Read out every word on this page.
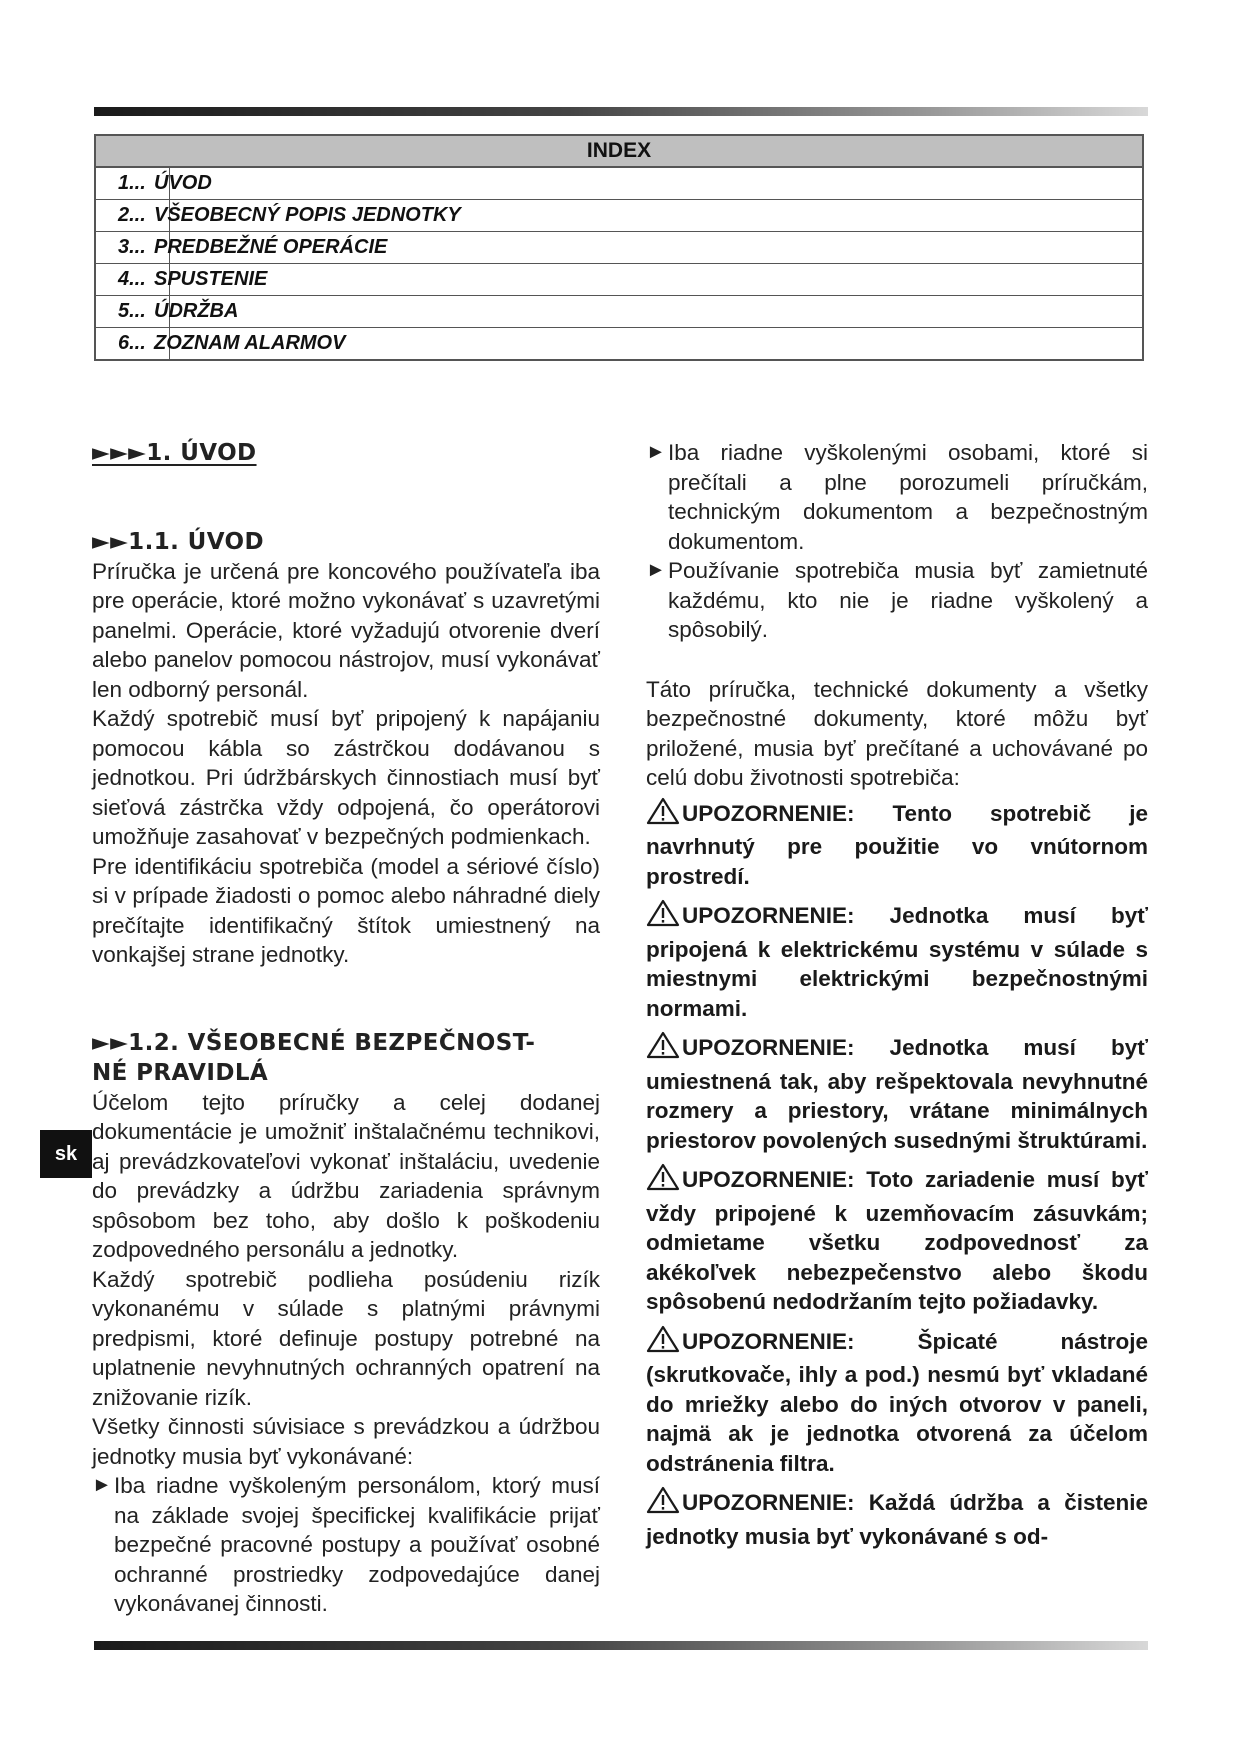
INDEX
1... ÚVOD
2... VŠEOBECNÝ POPIS JEDNOTKY
3... PREDBEŽNÉ OPERÁCIE
4... SPUSTENIE
5... ÚDRŽBA
6... ZOZNAM ALARMOV
►►►1. ÚVOD
►►1.1. ÚVOD

Príručka je určená pre koncového používateľa iba pre operácie, ktoré možno vykonávať s uzavretými panelmi. Operácie, ktoré vyžadujú otvorenie dverí alebo panelov pomocou nástrojov, musí vykonávať len odborný personál.

Každý spotrebič musí byť pripojený k napájaniu pomocou kábla so zástrčkou dodávanou s jednotkou. Pri údržbárskych činnostiach musí byť sieťová zástrčka vždy odpojená, čo operátorovi umožňuje zasahovať v bezpečných podmienkach.

Pre identifikáciu spotrebiča (model a sériové číslo) si v prípade žiadosti o pomoc alebo náhradné diely prečítajte identifikačný štítok umiestnený na vonkajšej strane jednotky.

►►1.2. VŠEOBECNÉ BEZPEČNOST-
NÉ PRAVIDLÁ

Účelom tejto príručky a celej dodanej dokumentácie je umožniť inštalačnému technikovi, aj prevádzkovateľovi vykonať inštaláciu, uvedenie do prevádzky a údržbu zariadenia správnym spôsobom bez toho, aby došlo k poškodeniu zodpovedného personálu a jednotky.

Každý spotrebič podlieha posúdeniu rizík vykonanému v súlade s platnými právnymi predpismi, ktoré definuje postupy potrebné na uplatnenie nevyhnutných ochranných opatrení na znižovanie rizík.

Všetky činnosti súvisiace s prevádzkou a údržbou jednotky musia byť vykonávané:

► Iba riadne vyškoleným personálom, ktorý musí na základe svojej špecifickej kvalifikácie prijať bezpečné pracovné postupy a používať osobné ochranné prostriedky zodpovedajúce danej vykonávanej činnosti.
► Iba riadne vyškolenými osobami, ktoré si prečítali a plne porozumeli príručkám, technickým dokumentom a bezpečnostným dokumentom.
► Používanie spotrebiča musia byť zamietnuté každému, kto nie je riadne vyškolený a spôsobilý.

Táto príručka, technické dokumenty a všetky bezpečnostné dokumenty, ktoré môžu byť priložené, musia byť prečítané a uchovávané po celú dobu životnosti spotrebiča:

UPOZORNENIE: Tento spotrebič je navrhnutý pre použitie vo vnútornom prostredí.

UPOZORNENIE: Jednotka musí byť pripojená k elektrickému systému v súlade s miestnymi elektrickými bezpečnostnými normami.

UPOZORNENIE: Jednotka musí byť umiestnená tak, aby rešpektovala nevyhnutné rozmery a priestory, vrátane minimálnych priestorov povolených susednými štruktúrami.

UPOZORNENIE: Toto zariadenie musí byť vždy pripojené k uzemňovacím zásuvkám; odmietame všetku zodpovednosť za akékoľvek nebezpečenstvo alebo škodu spôsobenú nedodržaním tejto požiadavky.

UPOZORNENIE: Špicaté nástroje (skrutkovače, ihly a pod.) nesmú byť vkladané do mriežky alebo do iných otvorov v paneli, najmä ak je jednotka otvorená za účelom odstránenia filtra.

UPOZORNENIE: Každá údržba a čistenie jednotky musia byť vykonávané s od-

sk
